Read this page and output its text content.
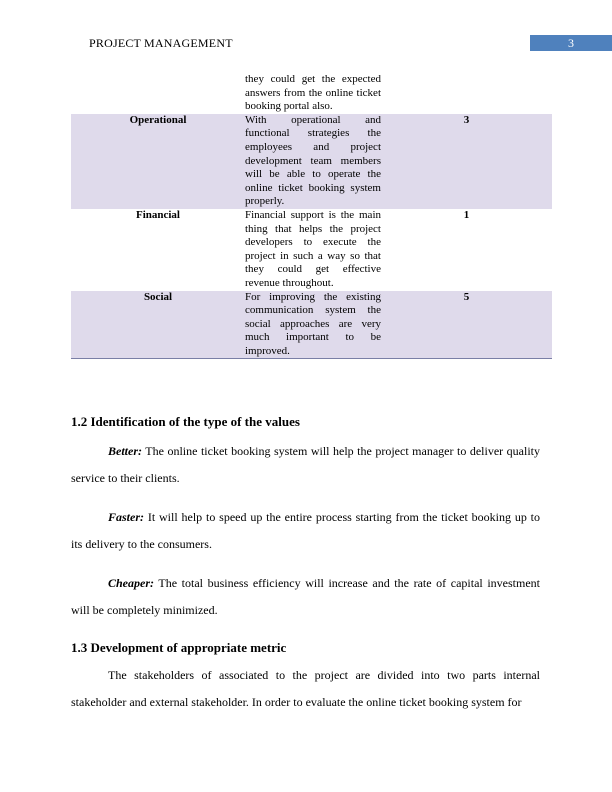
PROJECT MANAGEMENT	3
	they could get the expected answers from the online ticket booking portal also.	
Operational	With operational and functional strategies the employees and project development team members will be able to operate the online ticket booking system properly.	3
Financial	Financial support is the main thing that helps the project developers to execute the project in such a way so that they could get effective revenue throughout.	1
Social	For improving the existing communication system the social approaches are very much important to be improved.	5
1.2 Identification of the type of the values

Better: The online ticket booking system will help the project manager to deliver quality service to their clients.

Faster: It will help to speed up the entire process starting from the ticket booking up to its delivery to the consumers.

Cheaper: The total business efficiency will increase and the rate of capital investment will be completely minimized.

1.3 Development of appropriate metric

The stakeholders of associated to the project are divided into two parts internal stakeholder and external stakeholder. In order to evaluate the online ticket booking system for
